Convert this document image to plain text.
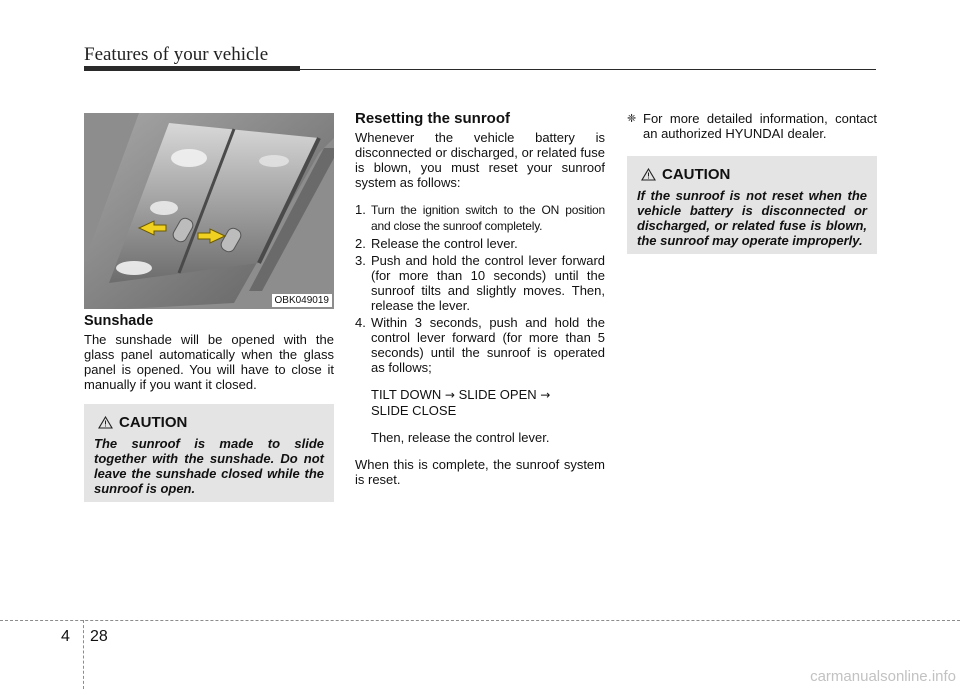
Features of your vehicle
OBK049019
Sunshade

The sunshade will be opened with the glass panel automatically when the glass panel is opened. You will have to close it manually if you want it closed.

CAUTION
The sunroof is made to slide together with the sunshade. Do not leave the sunshade closed while the sunroof is open.
Resetting the sunroof

Whenever the vehicle battery is disconnected or discharged, or related fuse is blown, you must reset your sunroof system as follows:

1. Turn the ignition switch to the ON position and close the sunroof completely.
2. Release the control lever.
3. Push and hold the control lever forward (for more than 10 seconds) until the sunroof tilts and slightly moves. Then, release the lever.
4. Within 3 seconds, push and hold the control lever forward (for more than 5 seconds) until the sunroof is operated as follows;

TILT DOWN → SLIDE OPEN →

SLIDE CLOSE

Then, release the control lever.

When this is complete, the sunroof system is reset.

❈ For more detailed information, contact an authorized HYUNDAI dealer.
CAUTION
If the sunroof is not reset when the vehicle battery is disconnected or discharged, or related fuse is blown, the sunroof may operate improperly.
4 28
carmanualsonline.info
